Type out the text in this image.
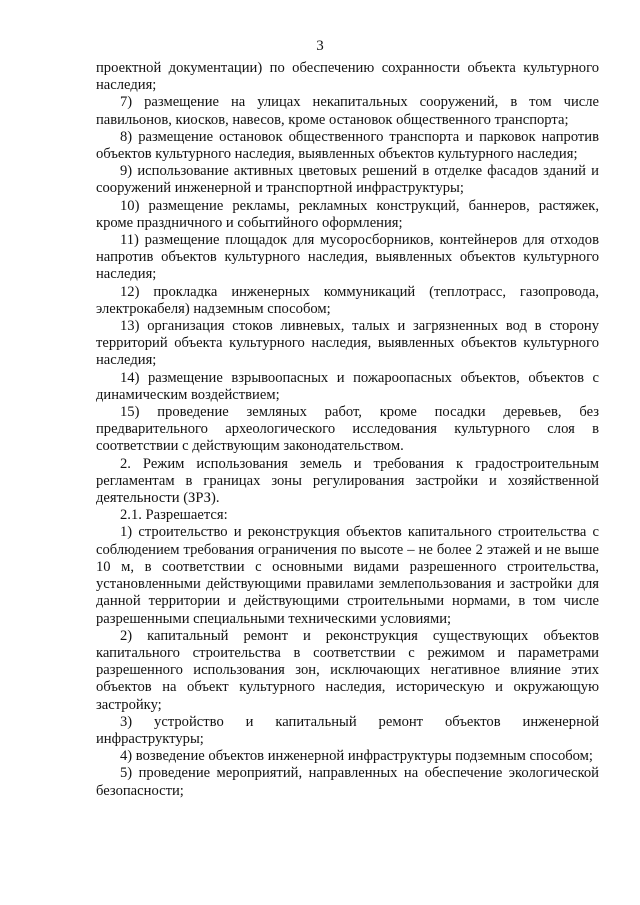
3

проектной документации) по обеспечению сохранности объекта культурного наследия;

7) размещение на улицах некапитальных сооружений, в том числе павильонов, киосков, навесов, кроме остановок общественного транспорта;

8) размещение остановок общественного транспорта и парковок напротив объектов культурного наследия, выявленных объектов культурного наследия;

9) использование активных цветовых решений в отделке фасадов зданий и сооружений инженерной и транспортной инфраструктуры;

10) размещение рекламы, рекламных конструкций, баннеров, растяжек, кроме праздничного и событийного оформления;

11) размещение площадок для мусоросборников, контейнеров для отходов напротив объектов культурного наследия, выявленных объектов культурного наследия;

12) прокладка инженерных коммуникаций (теплотрасс, газопровода, электрокабеля) надземным способом;

13) организация стоков ливневых, талых и загрязненных вод в сторону территорий объекта культурного наследия, выявленных объектов культурного наследия;

14) размещение взрывоопасных и пожароопасных объектов, объектов с динамическим воздействием;

15) проведение земляных работ, кроме посадки деревьев, без предварительного археологического исследования культурного слоя в соответствии с действующим законодательством.

2. Режим использования земель и требования к градостроительным регламентам в границах зоны регулирования застройки и хозяйственной деятельности (ЗРЗ).

2.1. Разрешается:

1) строительство и реконструкция объектов капитального строительства с соблюдением требования ограничения по высоте – не более 2 этажей и не выше 10 м, в соответствии с основными видами разрешенного строительства, установленными действующими правилами землепользования и застройки для данной территории и действующими строительными нормами, в том числе разрешенными специальными техническими условиями;

2) капитальный ремонт и реконструкция существующих объектов капитального строительства в соответствии с режимом и параметрами разрешенного использования зон, исключающих негативное влияние этих объектов на объект культурного наследия, историческую и окружающую застройку;

3) устройство и капитальный ремонт объектов инженерной инфраструктуры;

4) возведение объектов инженерной инфраструктуры подземным способом;

5) проведение мероприятий, направленных на обеспечение экологической безопасности;
